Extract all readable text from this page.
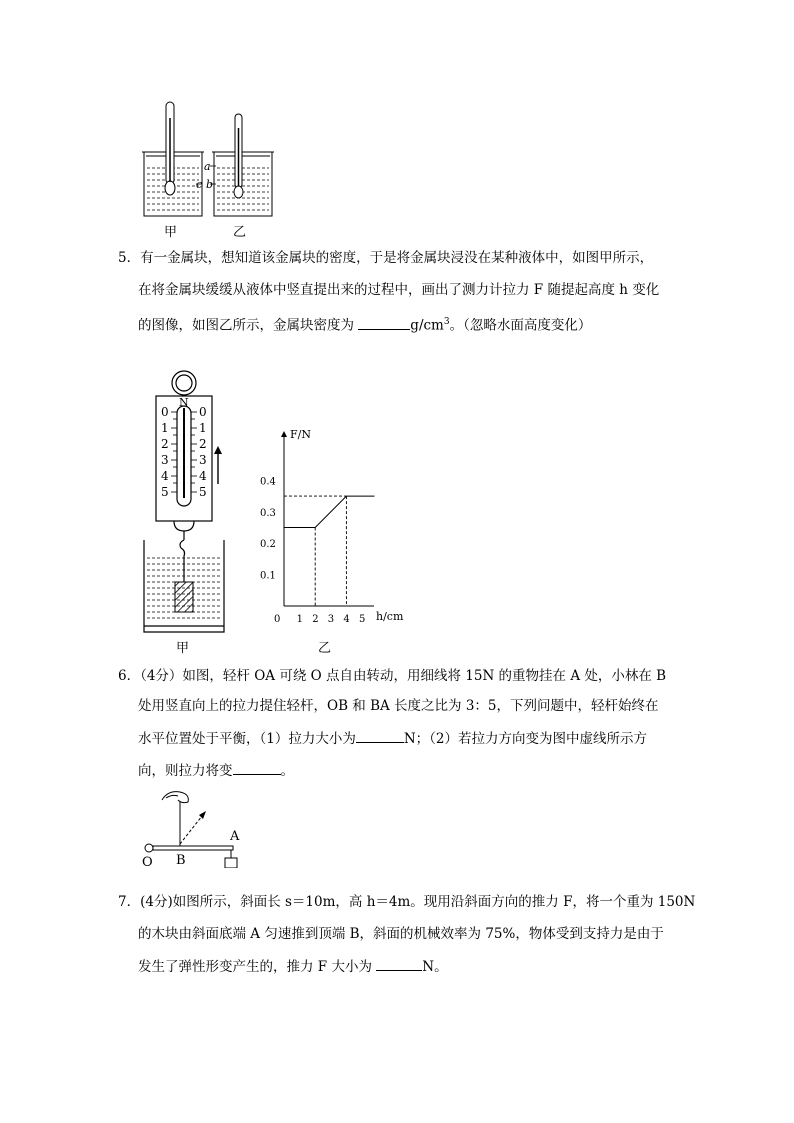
a
b
c
甲	乙
5．有一金属块，想知道该金属块的密度，于是将金属块浸没在某种液体中，如图甲所示，
在将金属块缓缓从液体中竖直提出来的过程中，画出了测力计拉力 F 随提起高度 h 变化
的图像，如图乙所示，金属块密度为	$g/cm^3$。（忽略水面高度变化）
N
0
1
2
3
4
5
0
1
2
3
4
5
甲
0 1 2 3 4 5
0.1
0.2
0.3
0.4
F/N
h/cm
乙
6．（4分）如图，轻杆 OA 可绕 O 点自由转动，用细线将 15N 的重物挂在 A 处，小林在 B
处用竖直向上的拉力提住轻杆，OB 和 BA 长度之比为 3：5，下列问题中，轻杆始终在
水平位置处于平衡，（1）拉力大小为	N；（2）若拉力方向变为图中虚线所示方
向，则拉力将变	。
O B
A
7．(4分)如图所示，斜面长 s＝10m，高 h＝4m。现用沿斜面方向的推力 F，将一个重为 150N
的木块由斜面底端 A 匀速推到顶端 B，斜面的机械效率为 75%，物体受到支持力是由于
发生了弹性形变产生的，推力 F 大小为	N。
